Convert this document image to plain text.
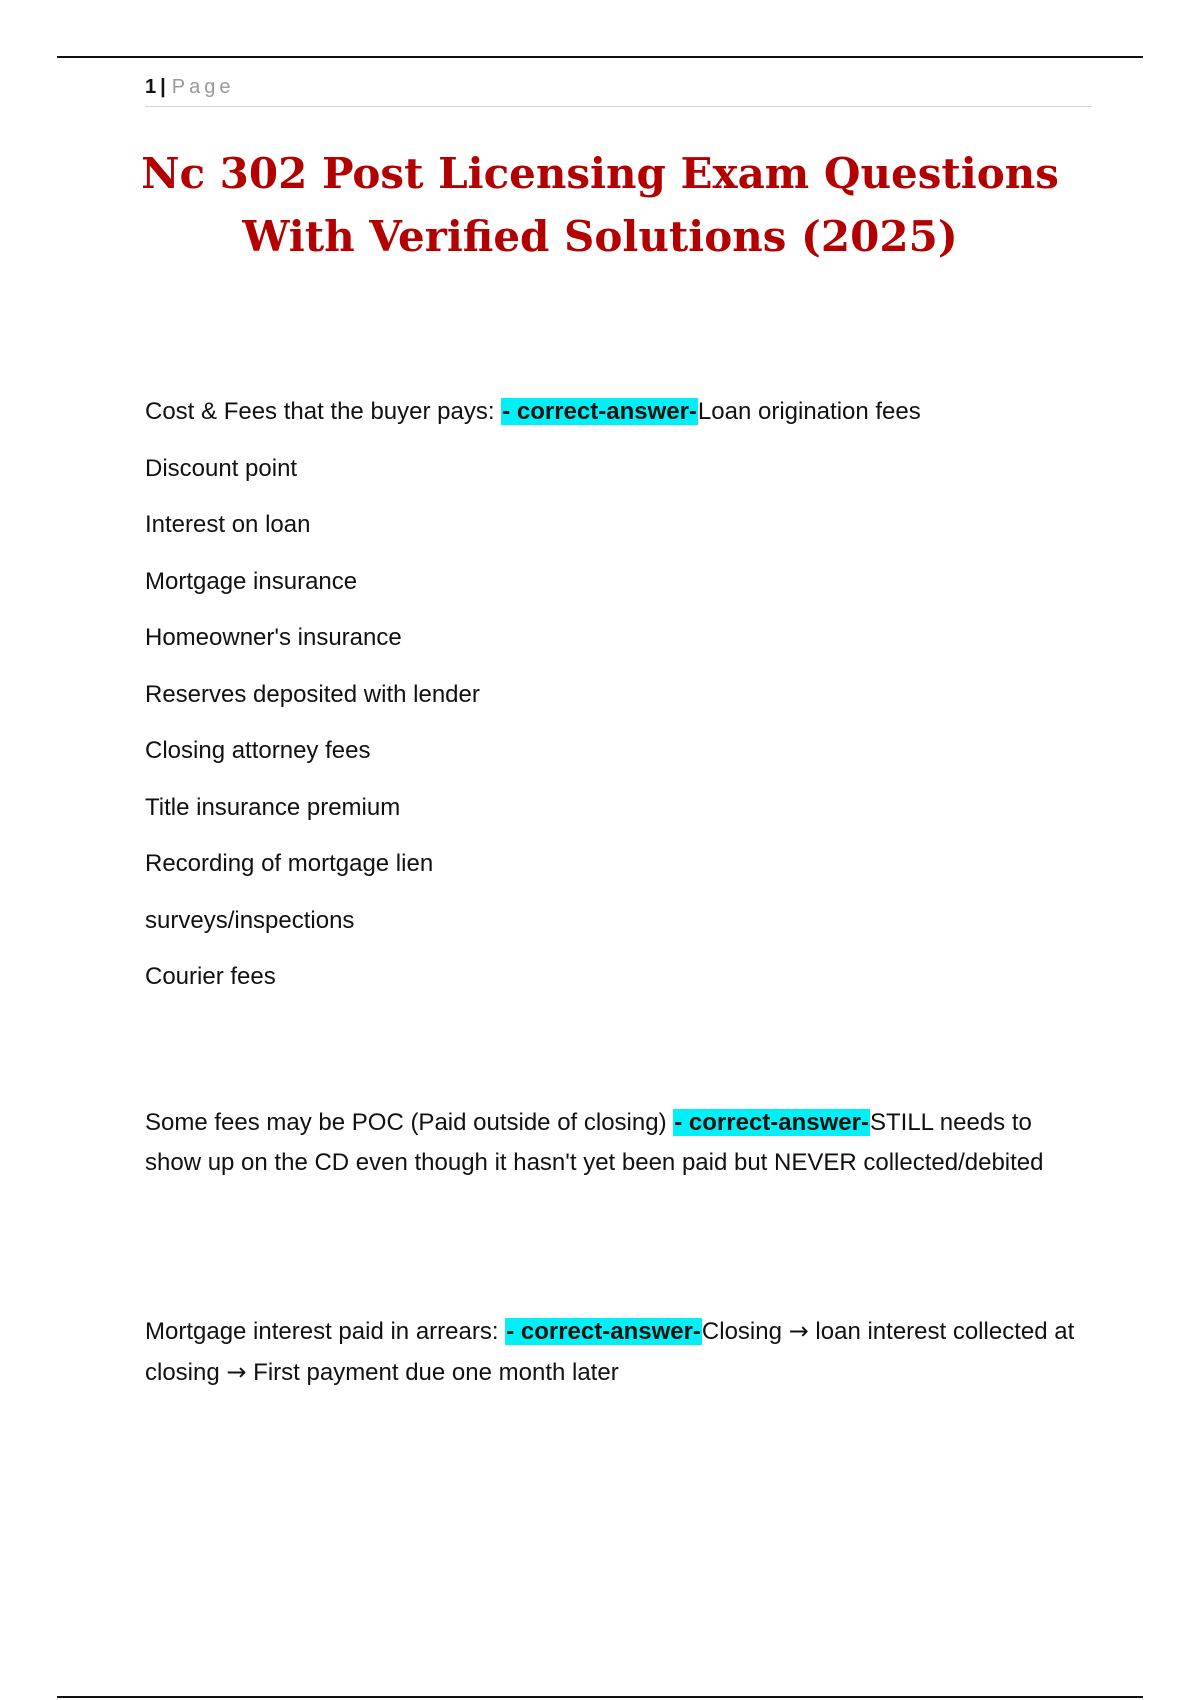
1 | Page
Nc 302 Post Licensing Exam Questions
With Verified Solutions (2025)

Cost & Fees that the buyer pays: - correct-answer-Loan origination fees

Discount point

Interest on loan

Mortgage insurance

Homeowner's insurance

Reserves deposited with lender

Closing attorney fees

Title insurance premium

Recording of mortgage lien

surveys/inspections

Courier fees

Some fees may be POC (Paid outside of closing) - correct-answer-STILL needs to show up on the CD even though it hasn't yet been paid but NEVER collected/debited

Mortgage interest paid in arrears: - correct-answer-Closing → loan interest collected at closing → First payment due one month later
